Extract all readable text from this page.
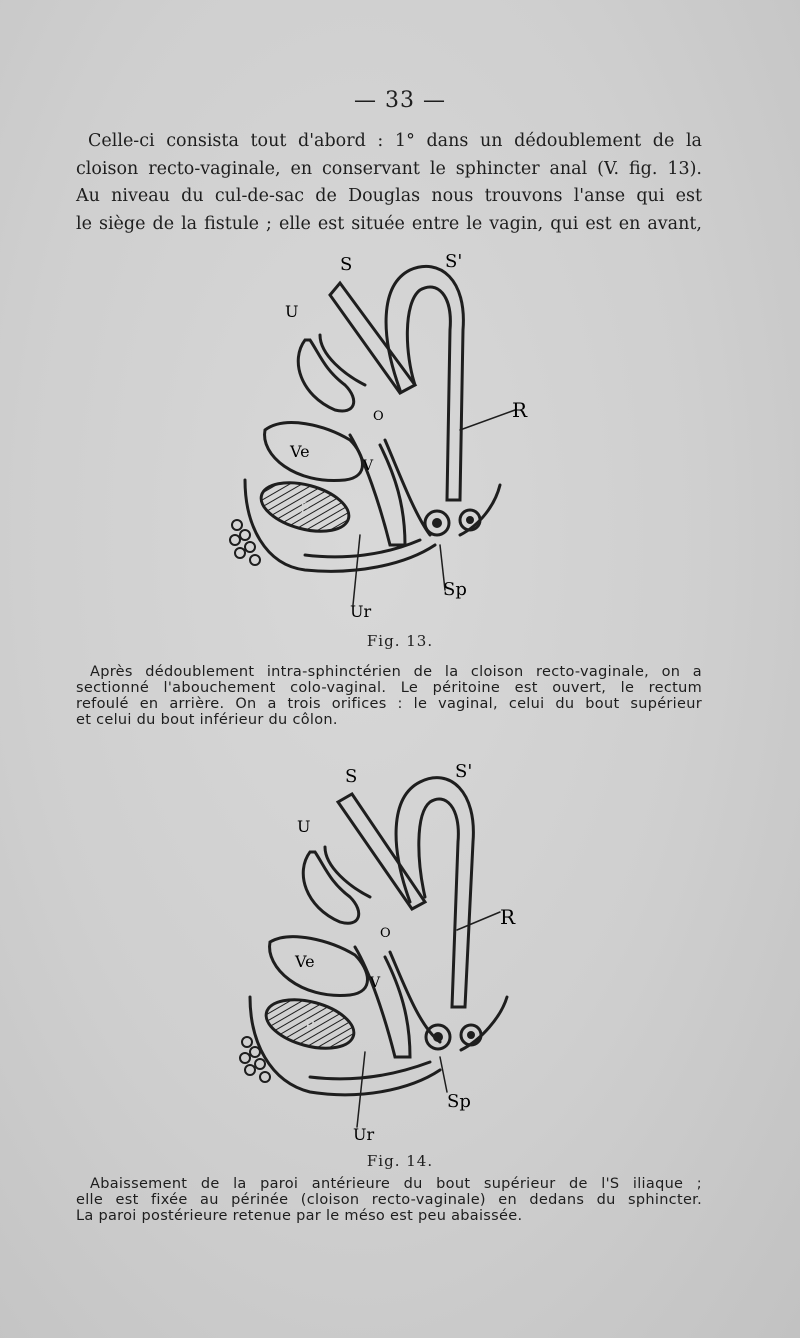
— 33 —
Celle-ci consista tout d'abord : 1° dans un dédoublement de la
cloison recto-vaginale, en conservant le sphincter anal (V. fig. 13).
Au niveau du cul-de-sac de Douglas nous trouvons l'anse qui est
le siège de la fistule ; elle est située entre le vagin, qui est en avant,
S	S'
U
R
Ve
V
O
P
Sp
Ur
Fig. 13.
Après dédoublement intra-sphinctérien de la cloison recto-vaginale, on a
sectionné l'abouchement colo-vaginal. Le péritoine est ouvert, le rectum
refoulé en arrière. On a trois orifices : le vaginal, celui du bout supérieur
et celui du bout inférieur du côlon.
S	S'
U
R
Ve
V
O
P
Sp
Ur
Fig. 14.
Abaissement de la paroi antérieure du bout supérieur de l'S iliaque ;
elle est fixée au périnée (cloison recto-vaginale) en dedans du sphincter.
La paroi postérieure retenue par le méso est peu abaissée.
